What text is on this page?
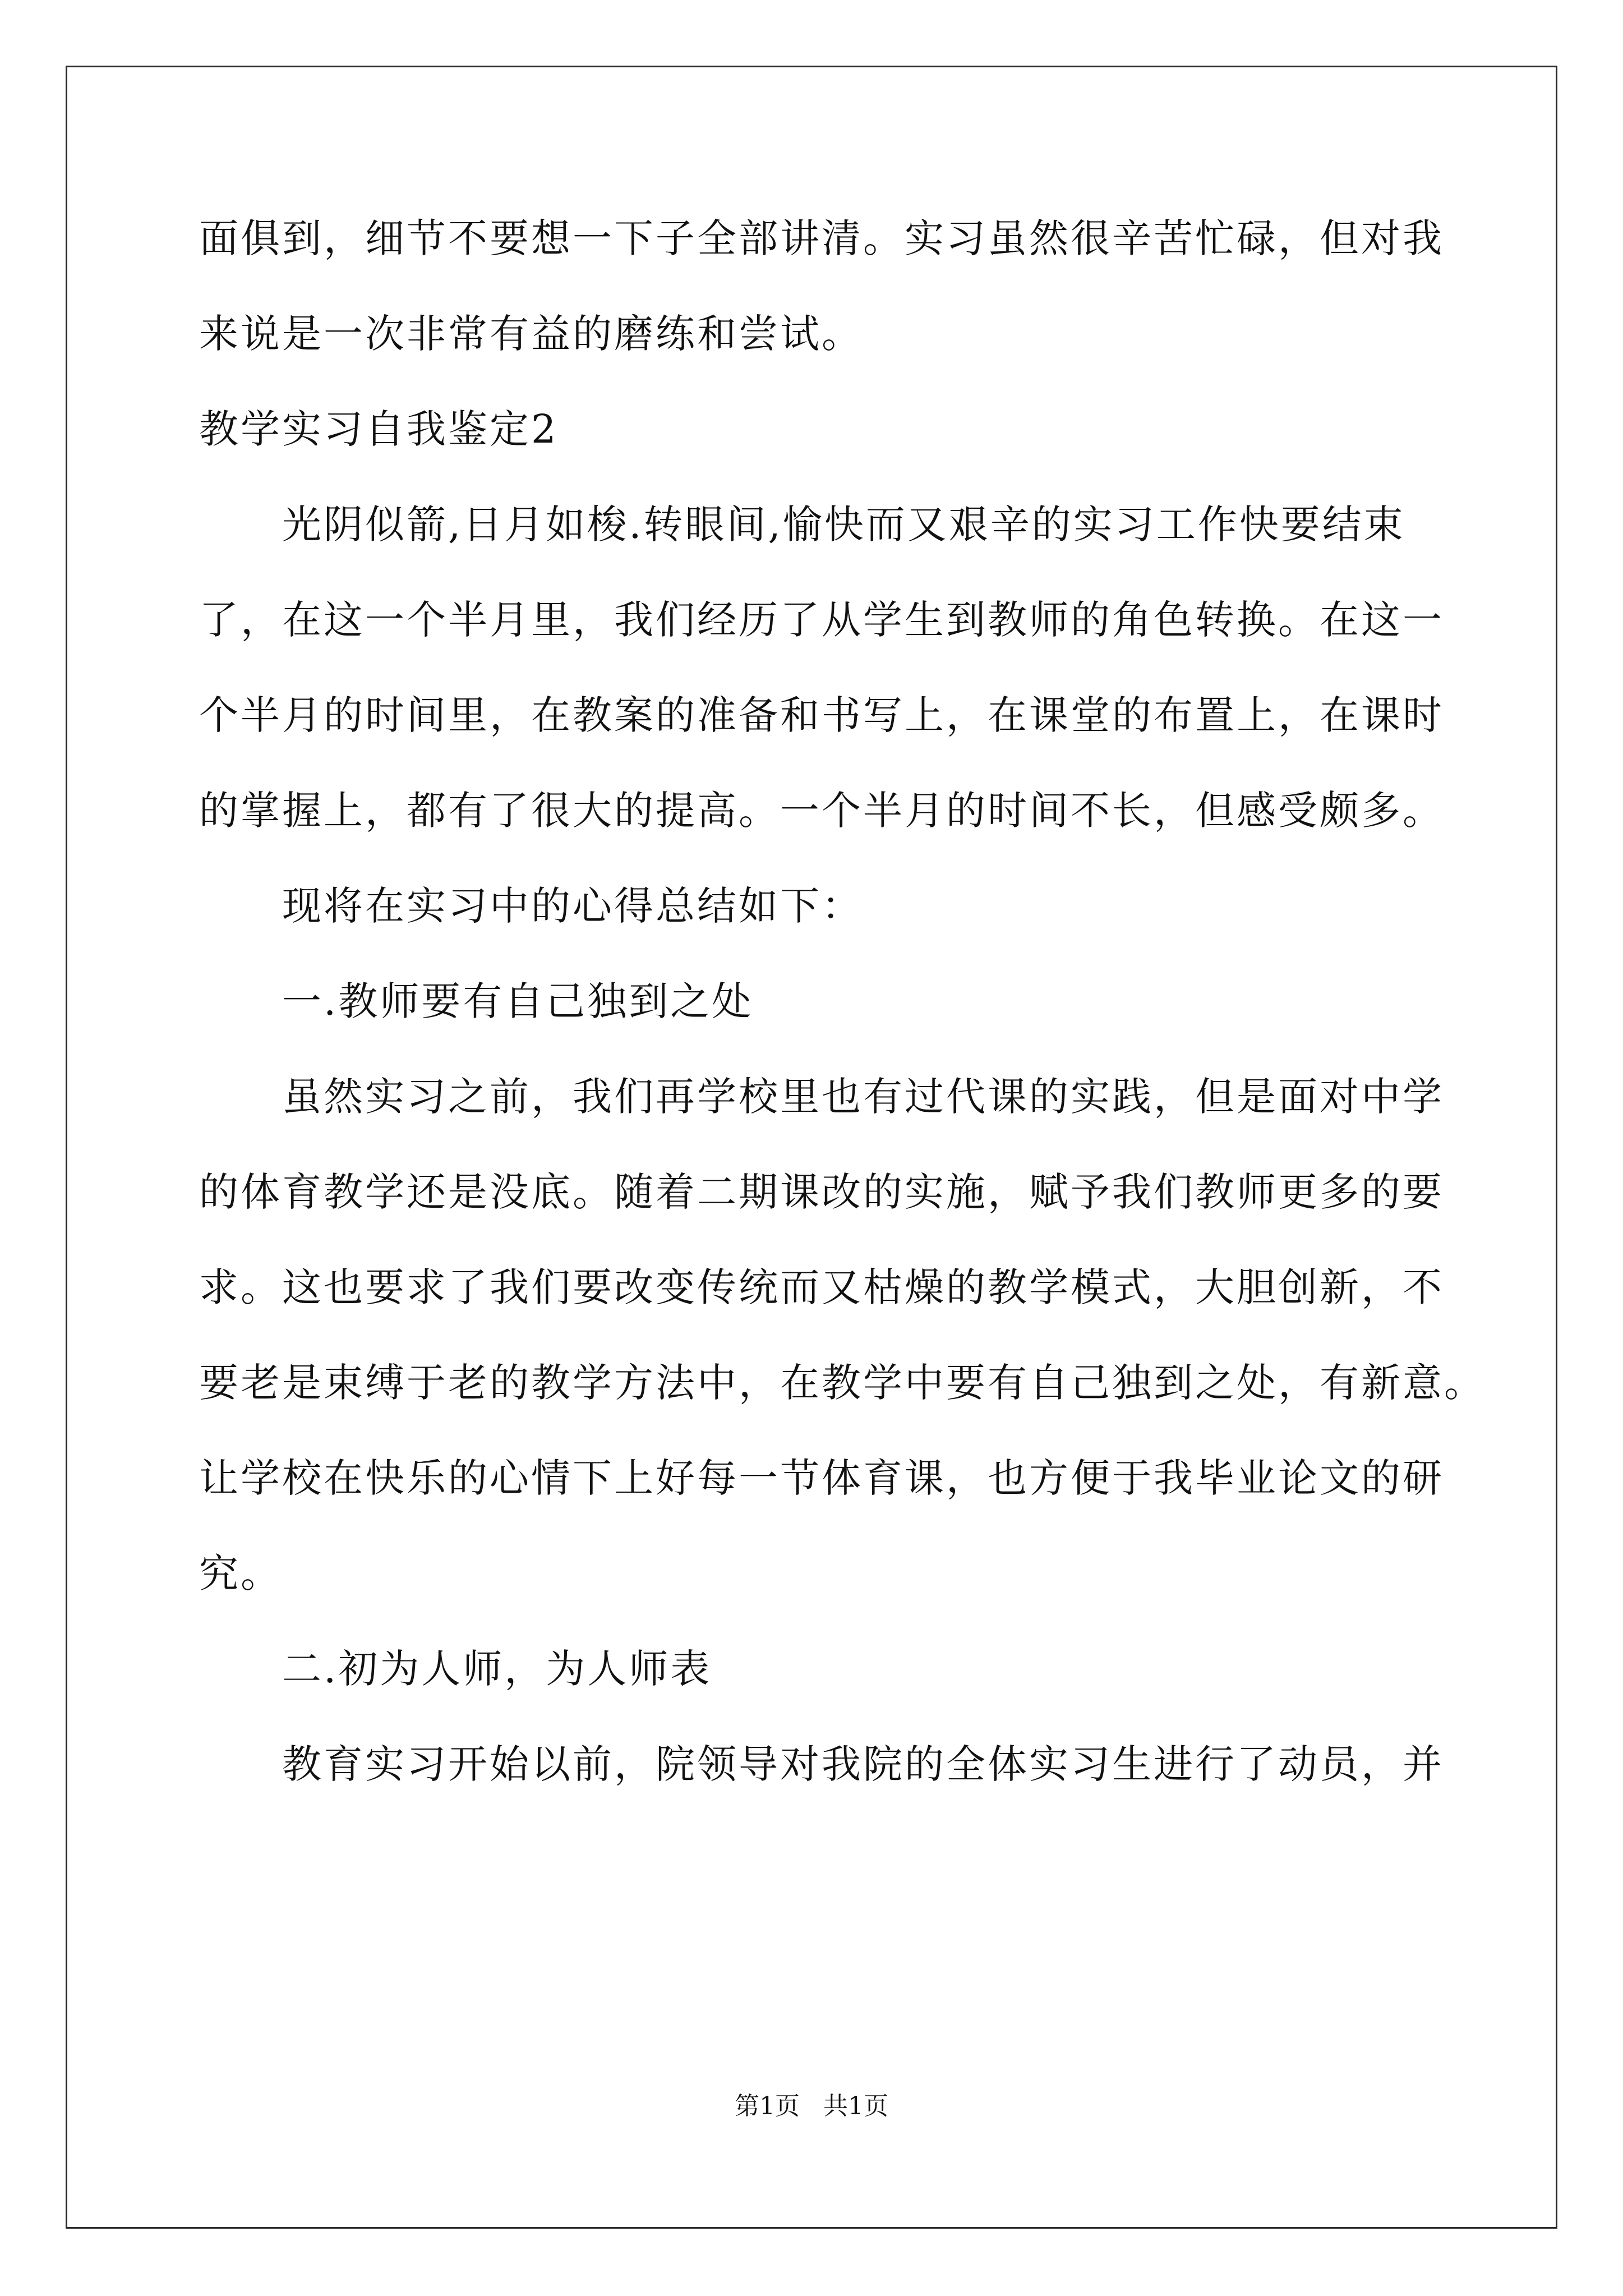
面俱到，细节不要想一下子全部讲清。实习虽然很辛苦忙碌，但对我
来说是一次非常有益的磨练和尝试。
教学实习自我鉴定2
光阴似箭,日月如梭.转眼间,愉快而又艰辛的实习工作快要结束
了，在这一个半月里，我们经历了从学生到教师的角色转换。在这一
个半月的时间里，在教案的准备和书写上，在课堂的布置上，在课时
的掌握上，都有了很大的提高。一个半月的时间不长，但感受颇多。
现将在实习中的心得总结如下：
一.教师要有自己独到之处
虽然实习之前，我们再学校里也有过代课的实践，但是面对中学
的体育教学还是没底。随着二期课改的实施，赋予我们教师更多的要
求。这也要求了我们要改变传统而又枯燥的教学模式，大胆创新，不
要老是束缚于老的教学方法中，在教学中要有自己独到之处，有新意。
让学校在快乐的心情下上好每一节体育课，也方便于我毕业论文的研
究。
二.初为人师，为人师表
教育实习开始以前，院领导对我院的全体实习生进行了动员，并
第1页   共1页
